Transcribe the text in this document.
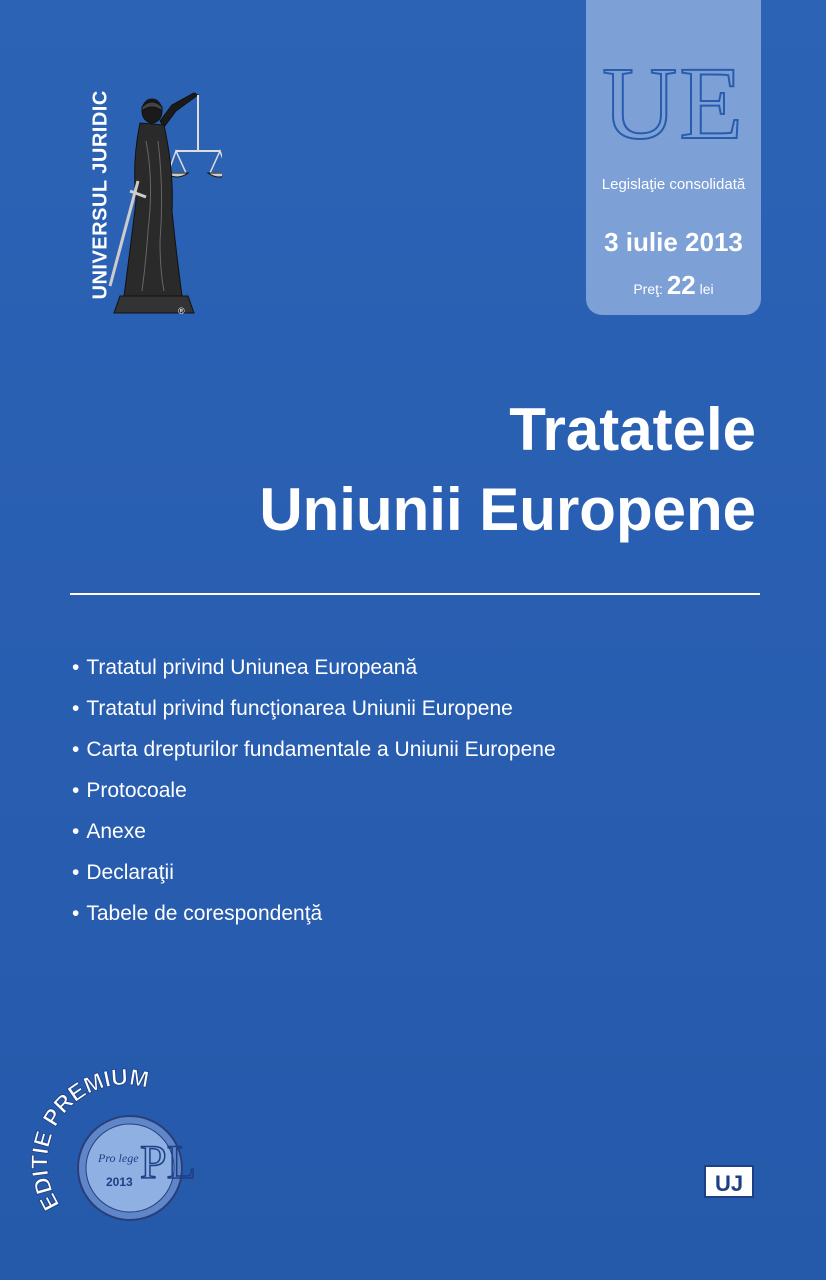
UNIVERSUL JURIDIC
®
UE
Legislaţie consolidată
3 iulie 2013
Preţ: 22 lei
Tratatele
Uniunii Europene
• Tratatul privind Uniunea Europeană
• Tratatul privind funcţionarea Uniunii Europene
• Carta drepturilor fundamentale a Uniunii Europene
• Protocoale
• Anexe
• Declaraţii
• Tabele de corespondenţă
ED E PREMIUM
Pro lege PL
2013	UJ
